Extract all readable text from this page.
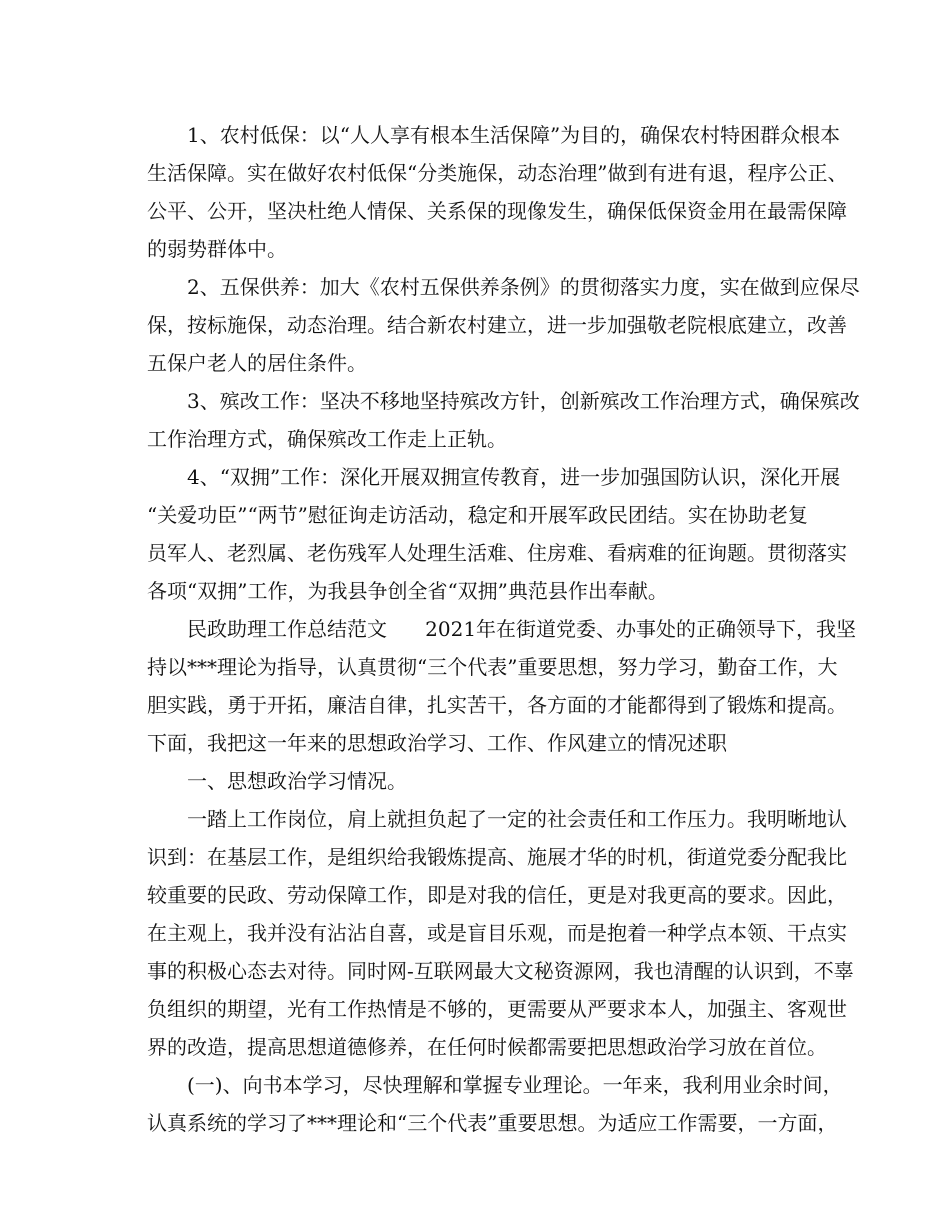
1、农村低保：以“人人享有根本生活保障”为目的，确保农村特困群众根本
生活保障。实在做好农村低保“分类施保，动态治理”做到有进有退，程序公正、
公平、公开，坚决杜绝人情保、关系保的现像发生，确保低保资金用在最需保障
的弱势群体中。
2、五保供养：加大《农村五保供养条例》的贯彻落实力度，实在做到应保尽
保，按标施保，动态治理。结合新农村建立，进一步加强敬老院根底建立，改善
五保户老人的居住条件。
3、殡改工作：坚决不移地坚持殡改方针，创新殡改工作治理方式，确保殡改
工作治理方式，确保殡改工作走上正轨。
4、“双拥”工作：深化开展双拥宣传教育，进一步加强国防认识，深化开展
“关爱功臣”“两节”慰征询走访活动，稳定和开展军政民团结。实在协助老复
员军人、老烈属、老伤残军人处理生活难、住房难、看病难的征询题。贯彻落实
各项“双拥”工作，为我县争创全省“双拥”典范县作出奉献。
民政助理工作总结范文      2021年在街道党委、办事处的正确领导下，我坚
持以***理论为指导，认真贯彻“三个代表”重要思想，努力学习，勤奋工作，大
胆实践，勇于开拓，廉洁自律，扎实苦干，各方面的才能都得到了锻炼和提高。
下面，我把这一年来的思想政治学习、工作、作风建立的情况述职
一、思想政治学习情况。
一踏上工作岗位，肩上就担负起了一定的社会责任和工作压力。我明晰地认
识到：在基层工作，是组织给我锻炼提高、施展才华的时机，街道党委分配我比
较重要的民政、劳动保障工作，即是对我的信任，更是对我更高的要求。因此，
在主观上，我并没有沾沾自喜，或是盲目乐观，而是抱着一种学点本领、干点实
事的积极心态去对待。同时网-互联网最大文秘资源网，我也清醒的认识到，不辜
负组织的期望，光有工作热情是不够的，更需要从严要求本人，加强主、客观世
界的改造，提高思想道德修养，在任何时候都需要把思想政治学习放在首位。
(一)、向书本学习，尽快理解和掌握专业理论。一年来，我利用业余时间，
认真系统的学习了***理论和“三个代表”重要思想。为适应工作需要，一方面，
